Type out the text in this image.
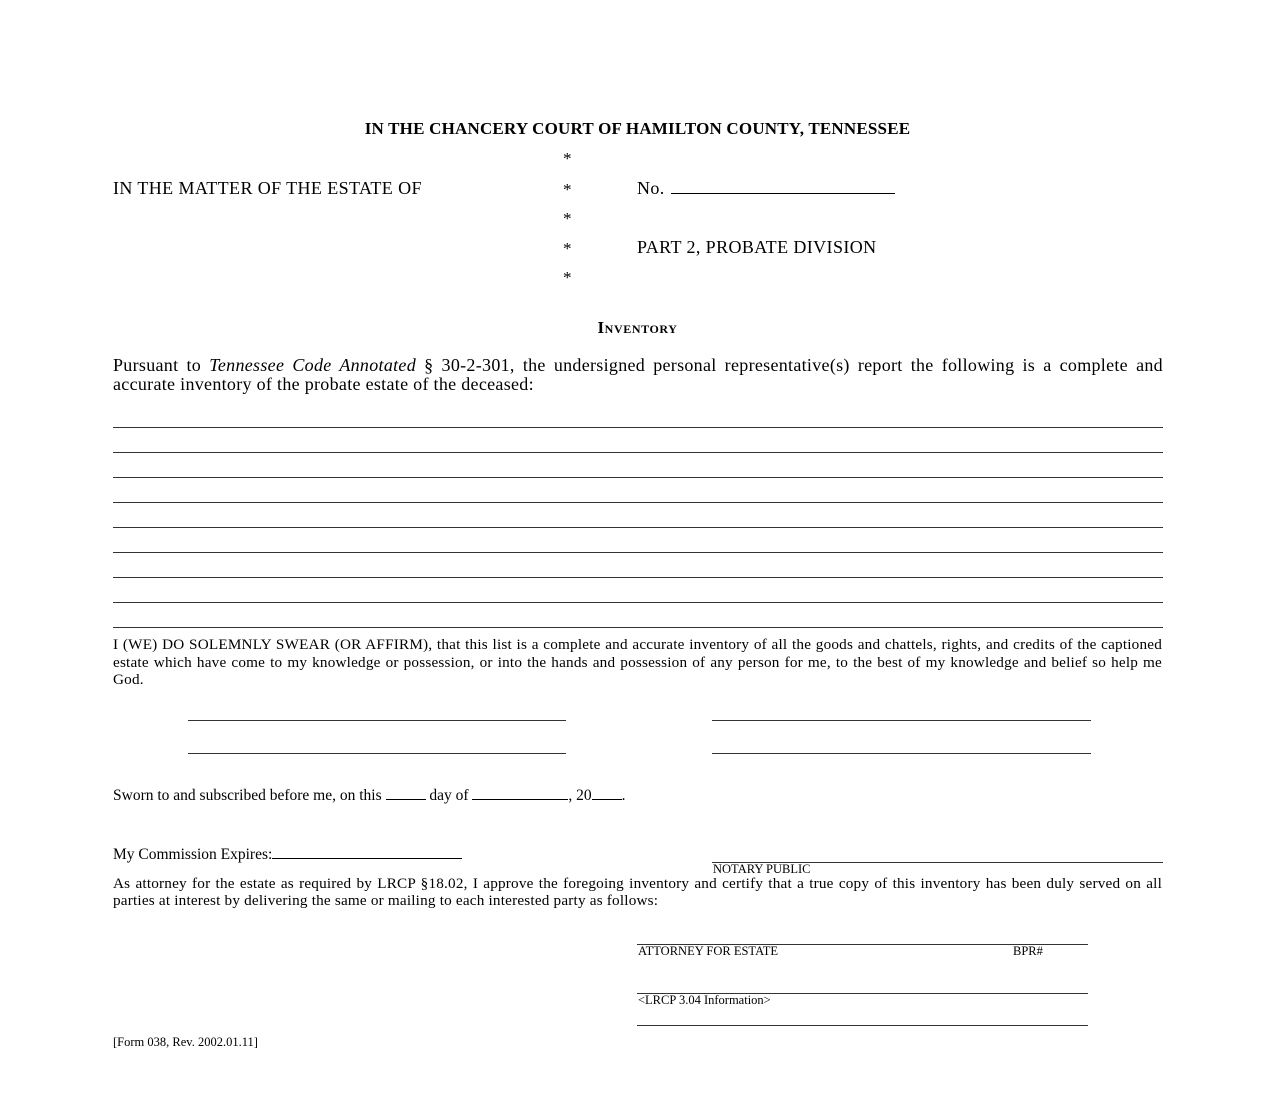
IN THE CHANCERY COURT OF HAMILTON COUNTY, TENNESSEE
IN THE MATTER OF THE ESTATE OF
*
*
*
*
*
No.
PART 2, PROBATE DIVISION
Inventory
Pursuant to Tennessee Code Annotated § 30-2-301, the undersigned personal representative(s) report the following is a complete and accurate inventory of the probate estate of the deceased:
I (WE) DO SOLEMNLY SWEAR (OR AFFIRM), that this list is a complete and accurate inventory of all the goods and chattels, rights, and credits of the captioned estate which have come to my knowledge or possession, or into the hands and possession of any person for me, to the best of my knowledge and belief so help me God.
Sworn to and subscribed before me, on this	day of	, 20 .
My Commission Expires:
NOTARY PUBLIC
As attorney for the estate as required by LRCP §18.02, I approve the foregoing inventory and certify that a true copy of this inventory has been duly served on all parties at interest by delivering the same or mailing to each interested party as follows:
ATTORNEY FOR ESTATE	BPR#
<LRCP 3.04 Information>
[Form 038, Rev. 2002.01.11]
